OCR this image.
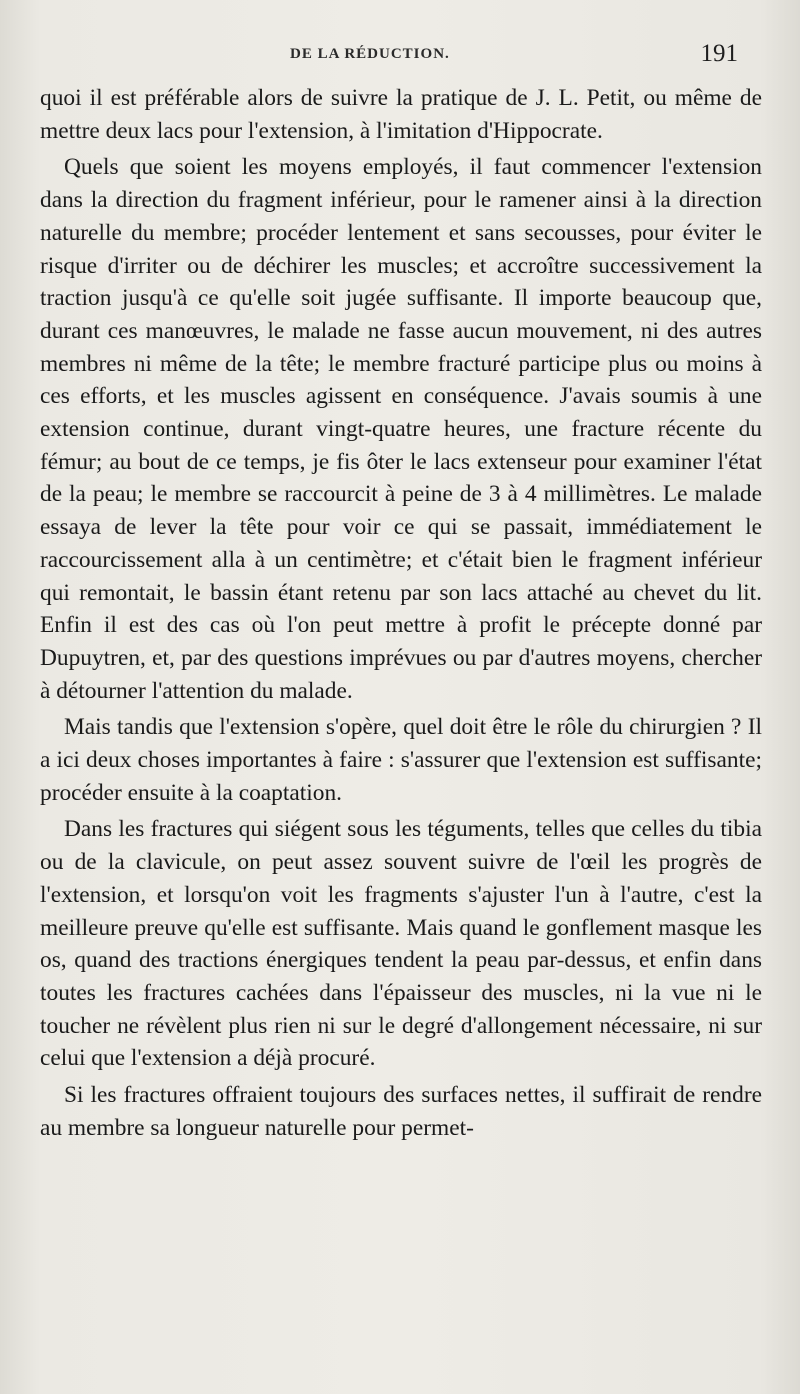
DE LA RÉDUCTION.	191

quoi il est préférable alors de suivre la pratique de J. L. Petit, ou même de mettre deux lacs pour l'extension, à l'imitation d'Hippocrate.

Quels que soient les moyens employés, il faut commencer l'extension dans la direction du fragment inférieur, pour le ramener ainsi à la direction naturelle du membre; procéder lentement et sans secousses, pour éviter le risque d'irriter ou de déchirer les muscles; et accroître successivement la traction jusqu'à ce qu'elle soit jugée suffisante. Il importe beaucoup que, durant ces manœuvres, le malade ne fasse aucun mouvement, ni des autres membres ni même de la tête; le membre fracturé participe plus ou moins à ces efforts, et les muscles agissent en conséquence. J'avais soumis à une extension continue, durant vingt-quatre heures, une fracture récente du fémur; au bout de ce temps, je fis ôter le lacs extenseur pour examiner l'état de la peau; le membre se raccourcit à peine de 3 à 4 millimètres. Le malade essaya de lever la tête pour voir ce qui se passait, immédiatement le raccourcissement alla à un centimètre; et c'était bien le fragment inférieur qui remontait, le bassin étant retenu par son lacs attaché au chevet du lit. Enfin il est des cas où l'on peut mettre à profit le précepte donné par Dupuytren, et, par des questions imprévues ou par d'autres moyens, chercher à détourner l'attention du malade.

Mais tandis que l'extension s'opère, quel doit être le rôle du chirurgien ? Il a ici deux choses importantes à faire : s'assurer que l'extension est suffisante; procéder ensuite à la coaptation.

Dans les fractures qui siégent sous les téguments, telles que celles du tibia ou de la clavicule, on peut assez souvent suivre de l'œil les progrès de l'extension, et lorsqu'on voit les fragments s'ajuster l'un à l'autre, c'est la meilleure preuve qu'elle est suffisante. Mais quand le gonflement masque les os, quand des tractions énergiques tendent la peau par-dessus, et enfin dans toutes les fractures cachées dans l'épaisseur des muscles, ni la vue ni le toucher ne révèlent plus rien ni sur le degré d'allongement nécessaire, ni sur celui que l'extension a déjà procuré.

Si les fractures offraient toujours des surfaces nettes, il suffirait de rendre au membre sa longueur naturelle pour permet-
